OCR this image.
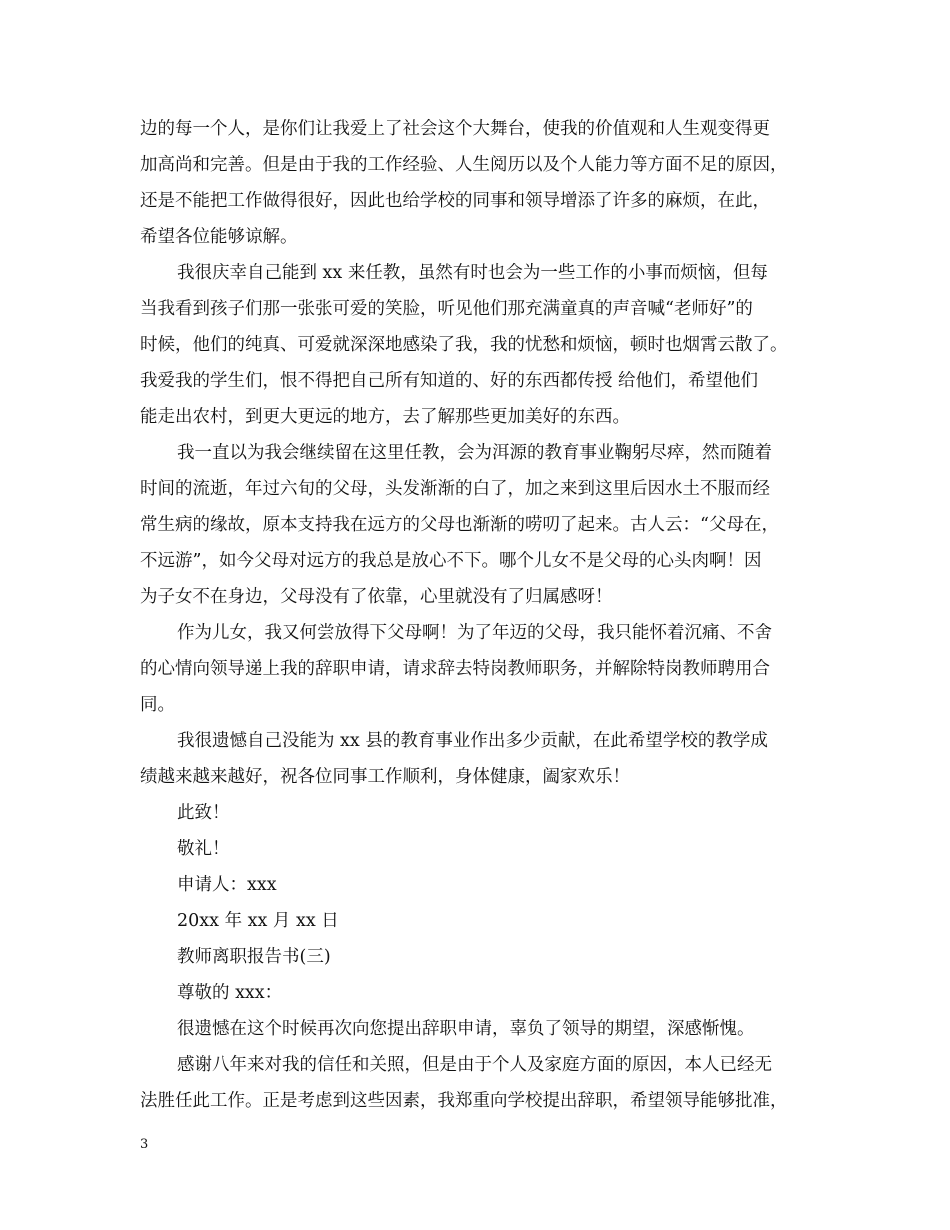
边的每一个人，是你们让我爱上了社会这个大舞台，使我的价值观和人生观变得更
加高尚和完善。但是由于我的工作经验、人生阅历以及个人能力等方面不足的原因，
还是不能把工作做得很好，因此也给学校的同事和领导增添了许多的麻烦，在此，
希望各位能够谅解。
我很庆幸自己能到 xx 来任教，虽然有时也会为一些工作的小事而烦恼，但每
当我看到孩子们那一张张可爱的笑脸，听见他们那充满童真的声音喊“老师好”的
时候，他们的纯真、可爱就深深地感染了我，我的忧愁和烦恼，顿时也烟霄云散了。
我爱我的学生们，恨不得把自己所有知道的、好的东西都传授 给他们，希望他们
能走出农村，到更大更远的地方，去了解那些更加美好的东西。
我一直以为我会继续留在这里任教，会为洱源的教育事业鞠躬尽瘁，然而随着
时间的流逝，年过六旬的父母，头发渐渐的白了，加之来到这里后因水土不服而经
常生病的缘故，原本支持我在远方的父母也渐渐的唠叨了起来。古人云：“父母在，
不远游”，如今父母对远方的我总是放心不下。哪个儿女不是父母的心头肉啊！因
为子女不在身边，父母没有了依靠，心里就没有了归属感呀！
作为儿女，我又何尝放得下父母啊！为了年迈的父母，我只能怀着沉痛、不舍
的心情向领导递上我的辞职申请，请求辞去特岗教师职务，并解除特岗教师聘用合
同。
我很遗憾自己没能为 xx 县的教育事业作出多少贡献，在此希望学校的教学成
绩越来越来越好，祝各位同事工作顺利，身体健康，阖家欢乐！
此致！
敬礼！
申请人：xxx
20xx 年 xx 月 xx 日
教师离职报告书(三)
尊敬的 xxx：
很遗憾在这个时候再次向您提出辞职申请，辜负了领导的期望，深感惭愧。
感谢八年来对我的信任和关照，但是由于个人及家庭方面的原因，本人已经无
法胜任此工作。正是考虑到这些因素，我郑重向学校提出辞职，希望领导能够批准，
3
